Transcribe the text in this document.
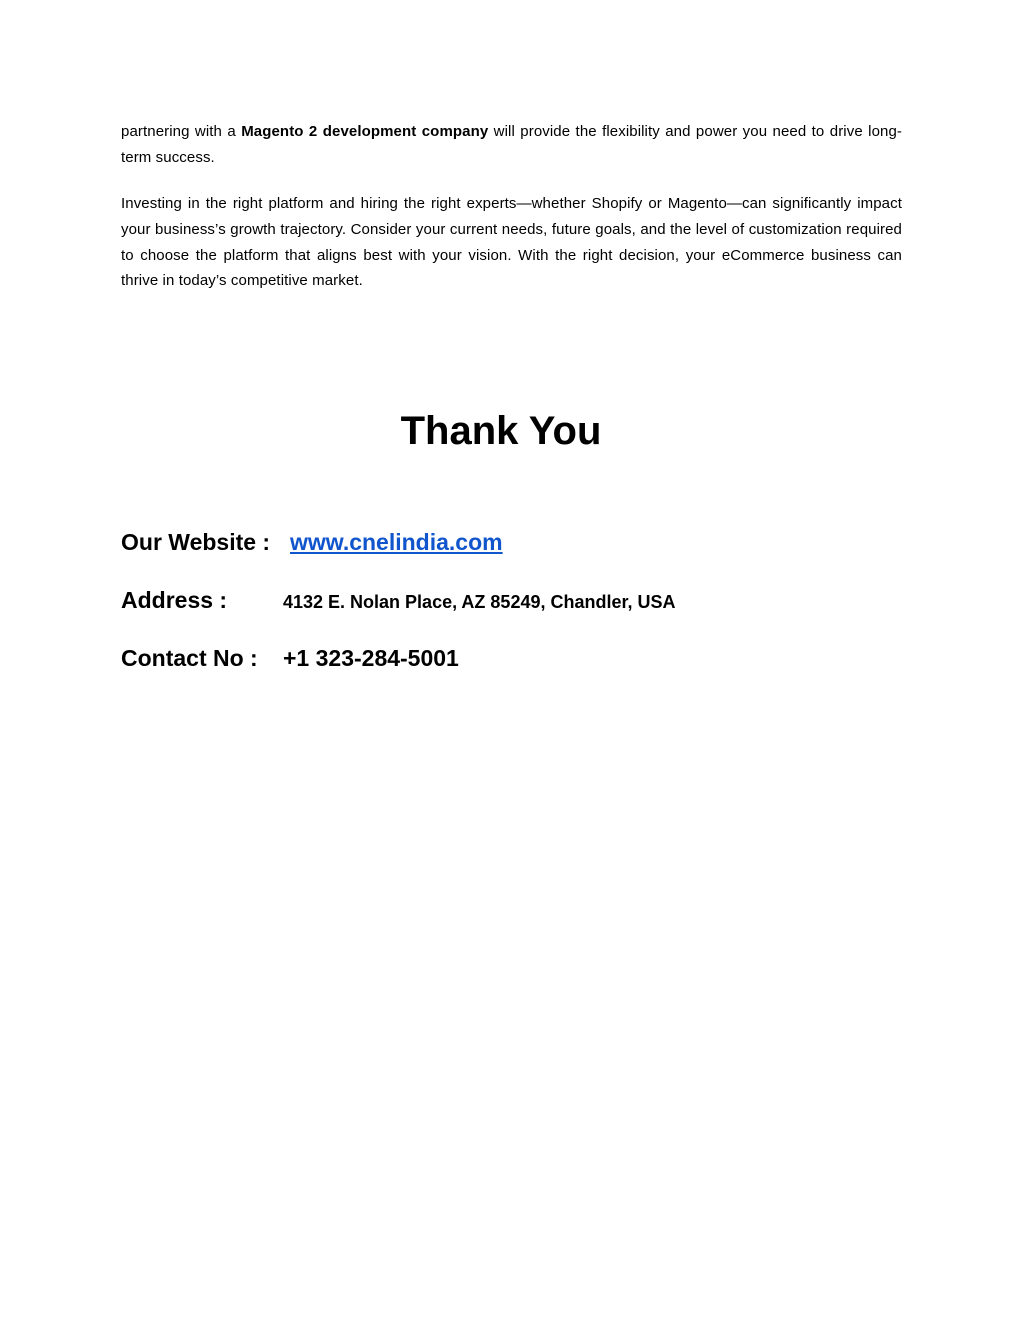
partnering with a Magento 2 development company will provide the flexibility and power you need to drive long-term success.

Investing in the right platform and hiring the right experts—whether Shopify or Magento—can significantly impact your business’s growth trajectory. Consider your current needs, future goals, and the level of customization required to choose the platform that aligns best with your vision. With the right decision, your eCommerce business can thrive in today’s competitive market.

Thank You
Our Website : www.cnelindia.com
Address :	4132 E. Nolan Place, AZ 85249, Chandler, USA
Contact No : +1 323-284-5001
